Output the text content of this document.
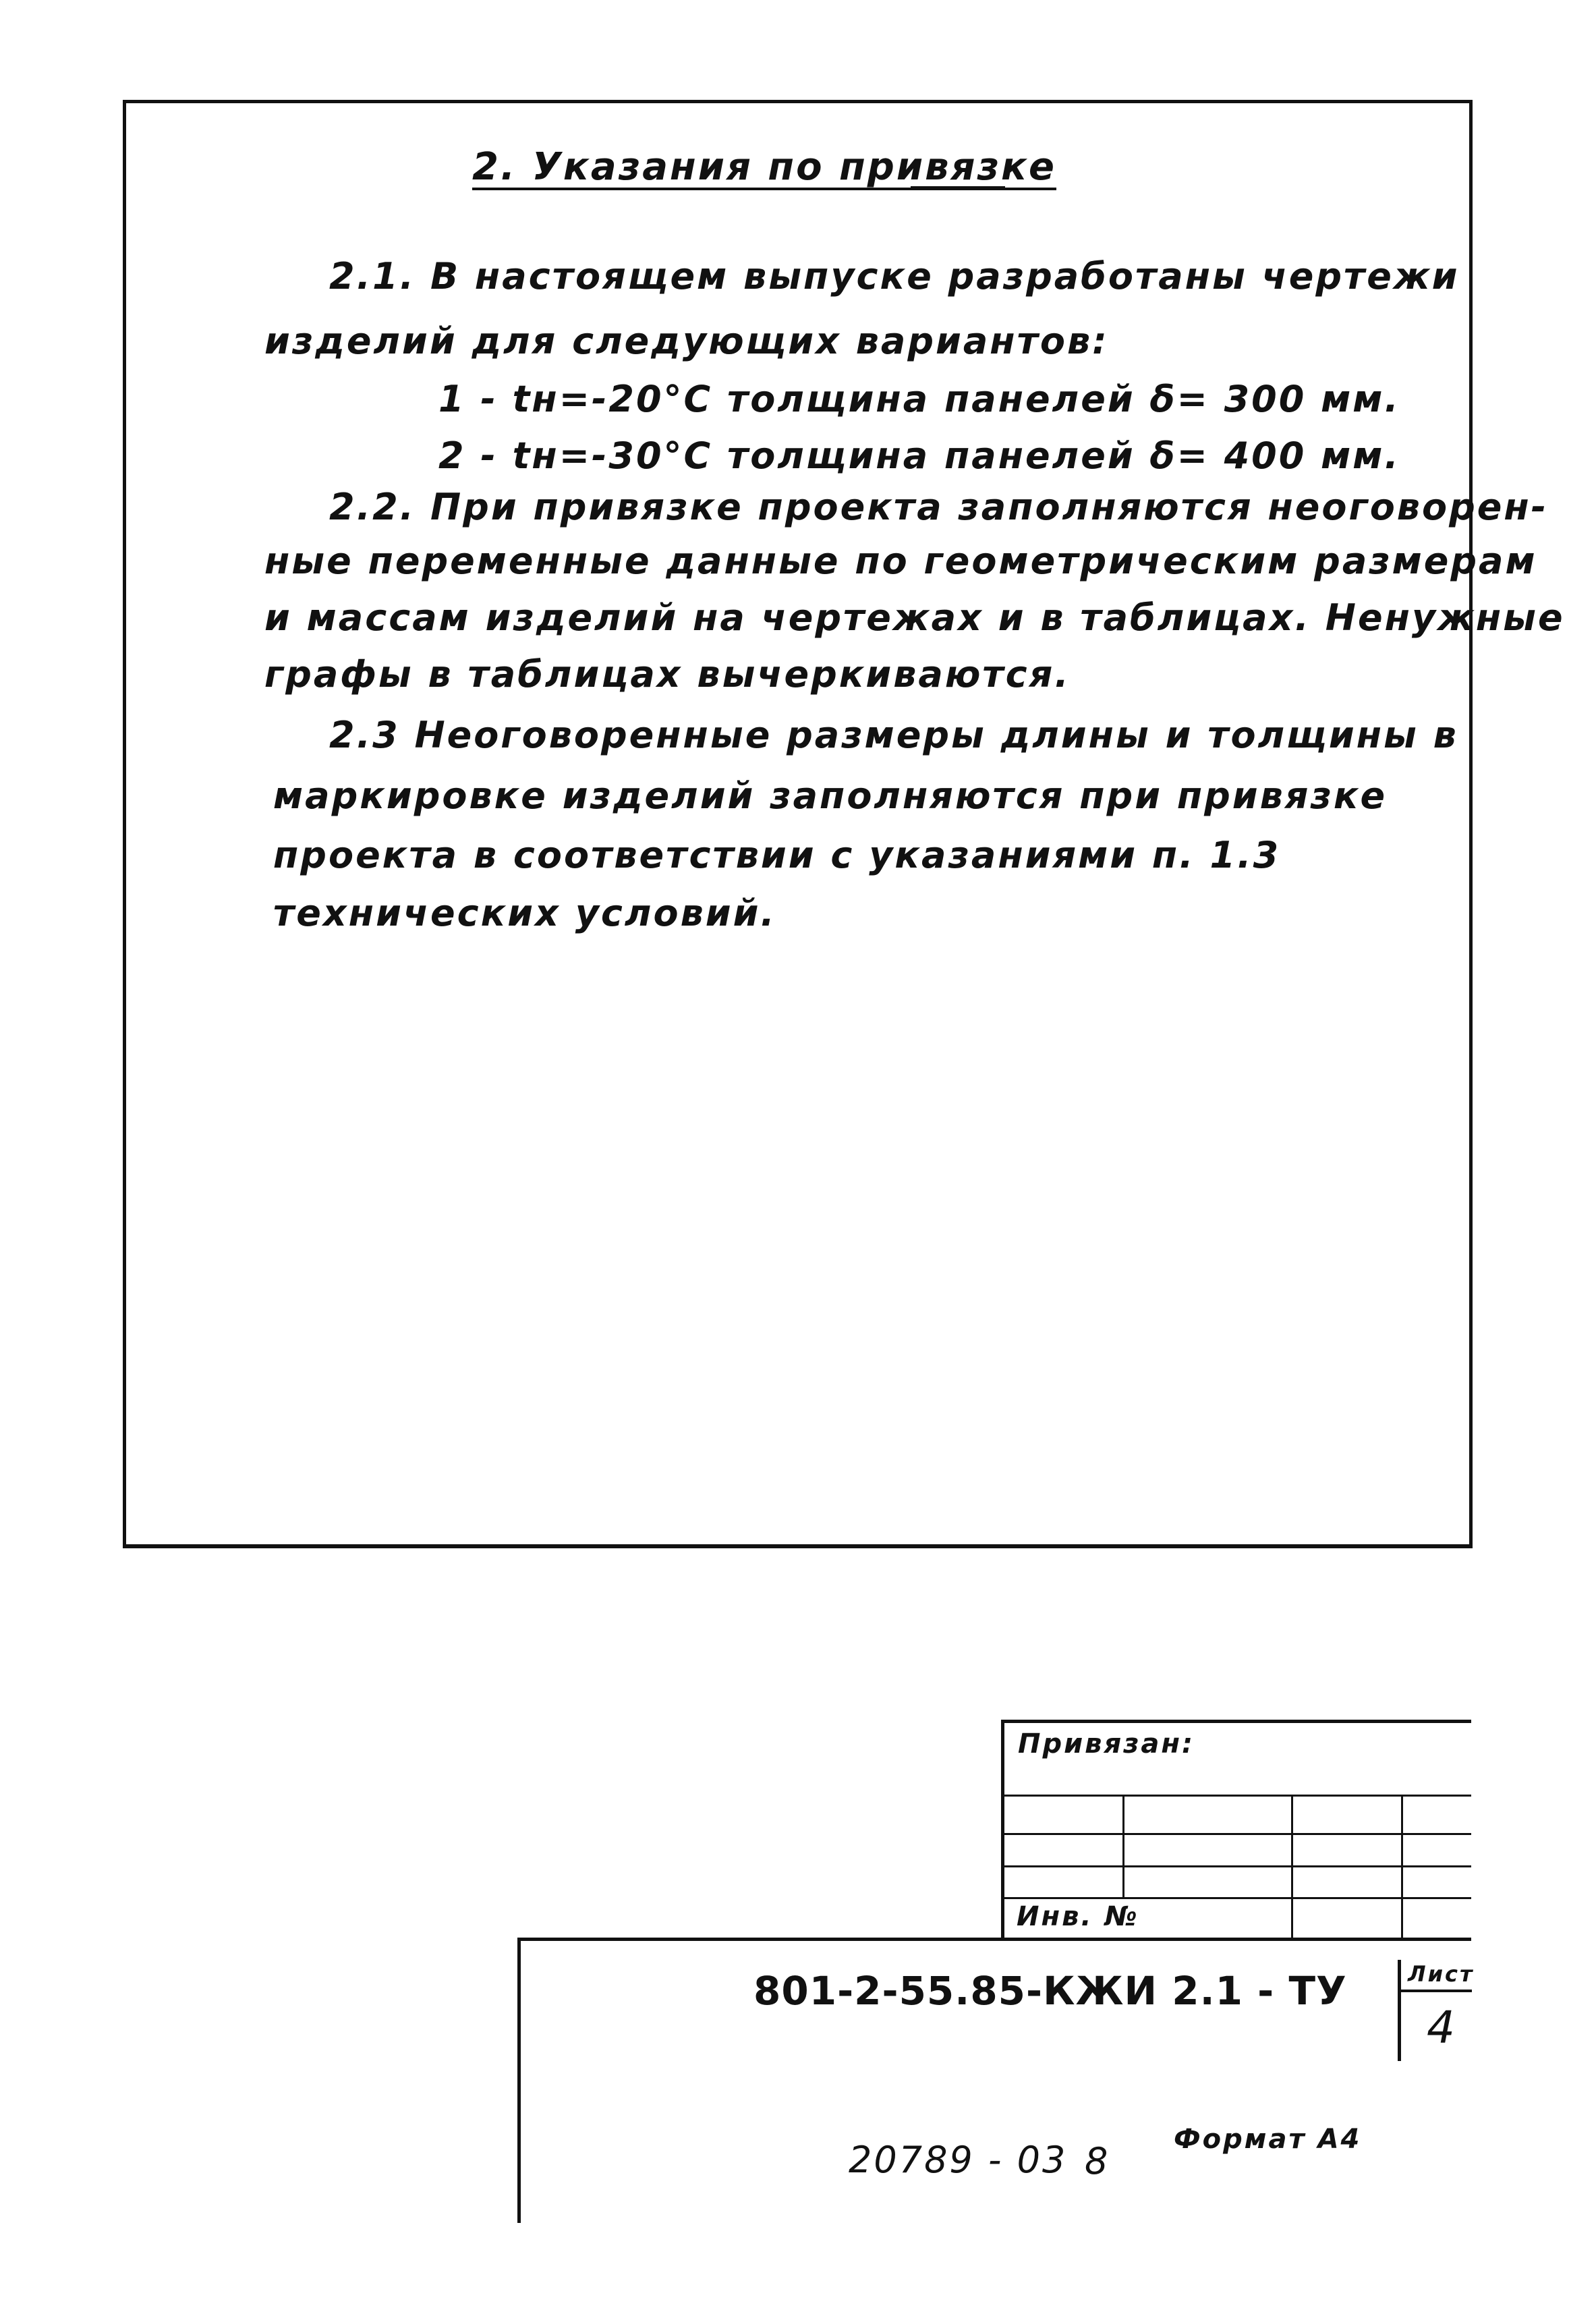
2. Указания по привязке
2.1. В настоящем выпуске разработаны чертежи
изделий для следующих вариантов:
1 - tн=-20°С толщина панелей δ= 300 мм.
2 - tн=-30°С толщина панелей δ= 400 мм.
2.2. При привязке проекта заполняются неоговорен-
ные переменные данные по геометрическим размерам
и массам изделий на чертежах и в таблицах. Ненужные
графы в таблицах вычеркиваются.
2.3 Неоговоренные размеры длины и толщины в
маркировке изделий заполняются при привязке
проекта в соответствии с указаниями п. 1.3
технических условий.
Привязан:
Инв. №
801-2-55.85-КЖИ 2.1 - ТУ	Лист
4
20789 - 03 8
Формат А4
